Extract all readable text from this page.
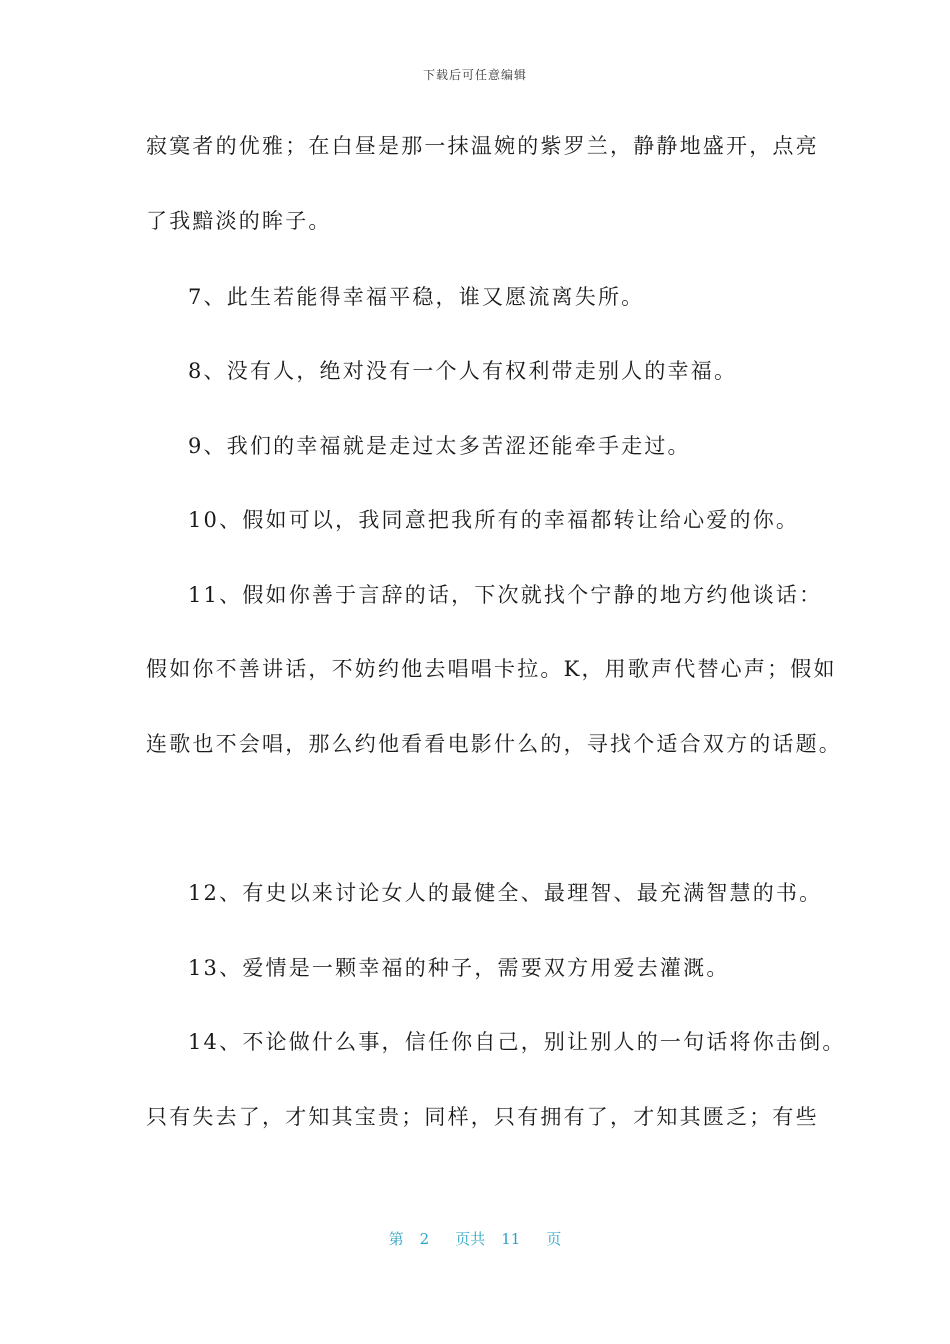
下载后可任意编辑
寂寞者的优雅；在白昼是那一抹温婉的紫罗兰，静静地盛开，点亮
了我黯淡的眸子。
7、此生若能得幸福平稳，谁又愿流离失所。
8、没有人，绝对没有一个人有权利带走别人的幸福。
9、我们的幸福就是走过太多苦涩还能牵手走过。
10、假如可以，我同意把我所有的幸福都转让给心爱的你。
11、假如你善于言辞的话，下次就找个宁静的地方约他谈话：
假如你不善讲话，不妨约他去唱唱卡拉。K，用歌声代替心声；假如
连歌也不会唱，那么约他看看电影什么的，寻找个适合双方的话题。
12、有史以来讨论女人的最健全、最理智、最充满智慧的书。
13、爱情是一颗幸福的种子，需要双方用爱去灌溉。
14、不论做什么事，信任你自己，别让别人的一句话将你击倒。
只有失去了，才知其宝贵；同样，只有拥有了，才知其匮乏；有些
第 2 页共 11 页
